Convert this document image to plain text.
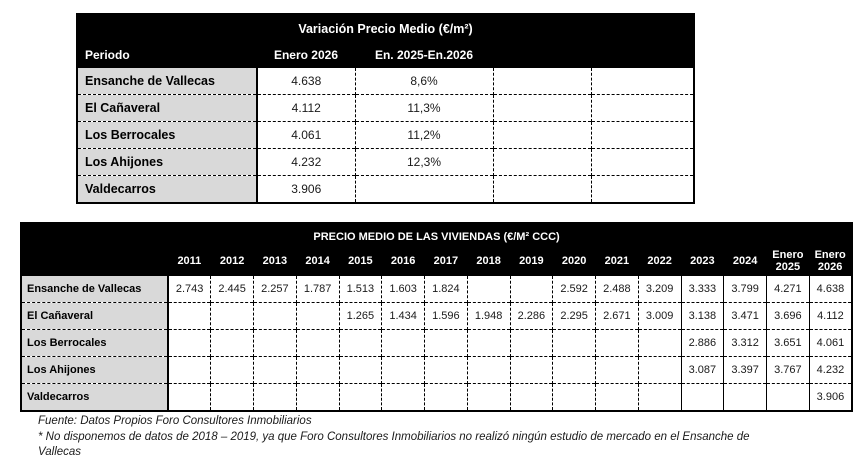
Variación Precio Medio (€/m²)				
Periodo	Enero 2026	En. 2025-En.2026		
Ensanche de Vallecas	4.638	8,6%		
El Cañaveral	4.112	11,3%		
Los Berrocales	4.061	11,2%		
Los Ahijones	4.232	12,3%		
Valdecarros	3.906			
PRECIO MEDIO DE LAS VIVIENDAS (€/M² CCC)																
	2011	2012	2013	2014	2015	2016	2017	2018	2019	2020	2021	2022	2023	2024	Enero 2025	Enero 2026
Ensanche de Vallecas	2.743	2.445	2.257	1.787	1.513	1.603	1.824			2.592	2.488	3.209	3.333	3.799	4.271	4.638
El Cañaveral					1.265	1.434	1.596	1.948	2.286	2.295	2.671	3.009	3.138	3.471	3.696	4.112
Los Berrocales													2.886	3.312	3.651	4.061
Los Ahijones													3.087	3.397	3.767	4.232
Valdecarros																3.906
Fuente: Datos Propios Foro Consultores Inmobiliarios
* No disponemos de datos de 2018 – 2019, ya que Foro Consultores Inmobiliarios no realizó ningún estudio de mercado en el Ensanche de Vallecas
